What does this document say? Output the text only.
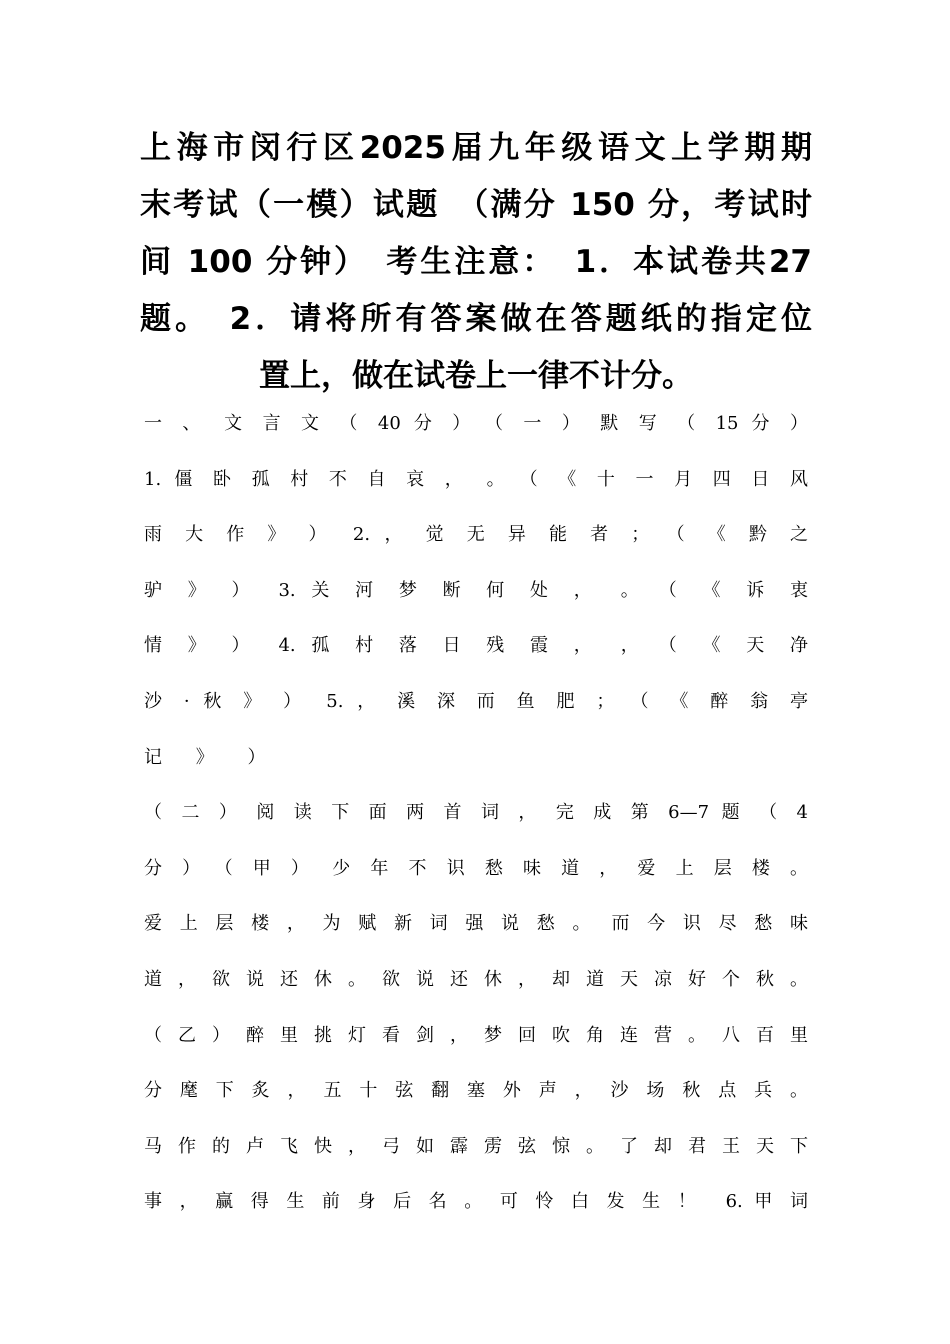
上海市闵行区2025届九年级语文上学期期
末考试（一模）试题　（满分 150 分，考试时
间 100 分钟）　考生注意：　1．本试卷共27
题。　2．请将所有答案做在答题纸的指定位
置上，做在试卷上一律不计分。
一 、　文 言 文 （ 40 分 ）　（ 一 ） 默 写 （ 15 分 ）
1. 僵 卧 孤 村 不 自 哀 ，　。　（ 《 十 一 月 四 日 风
雨 大 作 》 ）　2. ， 觉 无 异 能 者 ；　（ 《 黔 之
驴 》 ）　3. 关 河 梦 断 何 处 ，　。　（ 《 诉 衷
情 》 ）　4. 孤 村 落 日 残 霞 ，　，　（ 《 天 净
沙 · 秋 》 ）　5. ， 溪 深 而 鱼 肥 ；　（ 《 醉 翁 亭
记 》 ）
（ 二 ） 阅 读 下 面 两 首 词 ， 完 成 第 6—7 题 （ 4
分 ）　（ 甲 ）　少 年 不 识 愁 味 道 ， 爱 上 层 楼 。
爱 上 层 楼 ， 为 赋 新 词 强 说 愁 。　而 今 识 尽 愁 味
道 ， 欲 说 还 休 。 欲 说 还 休 ， 却 道 天 凉 好 个 秋 。
（ 乙 ） 醉 里 挑 灯 看 剑 ， 梦 回 吹 角 连 营 。 八 百 里
分 麾 下 炙 ， 五 十 弦 翻 塞 外 声 ， 沙 场 秋 点 兵 。
马 作 的 卢 飞 快 ， 弓 如 霹 雳 弦 惊 。 了 却 君 王 天 下
事 ， 赢 得 生 前 身 后 名 。 可 怜 白 发 生 ！　6. 甲 词
